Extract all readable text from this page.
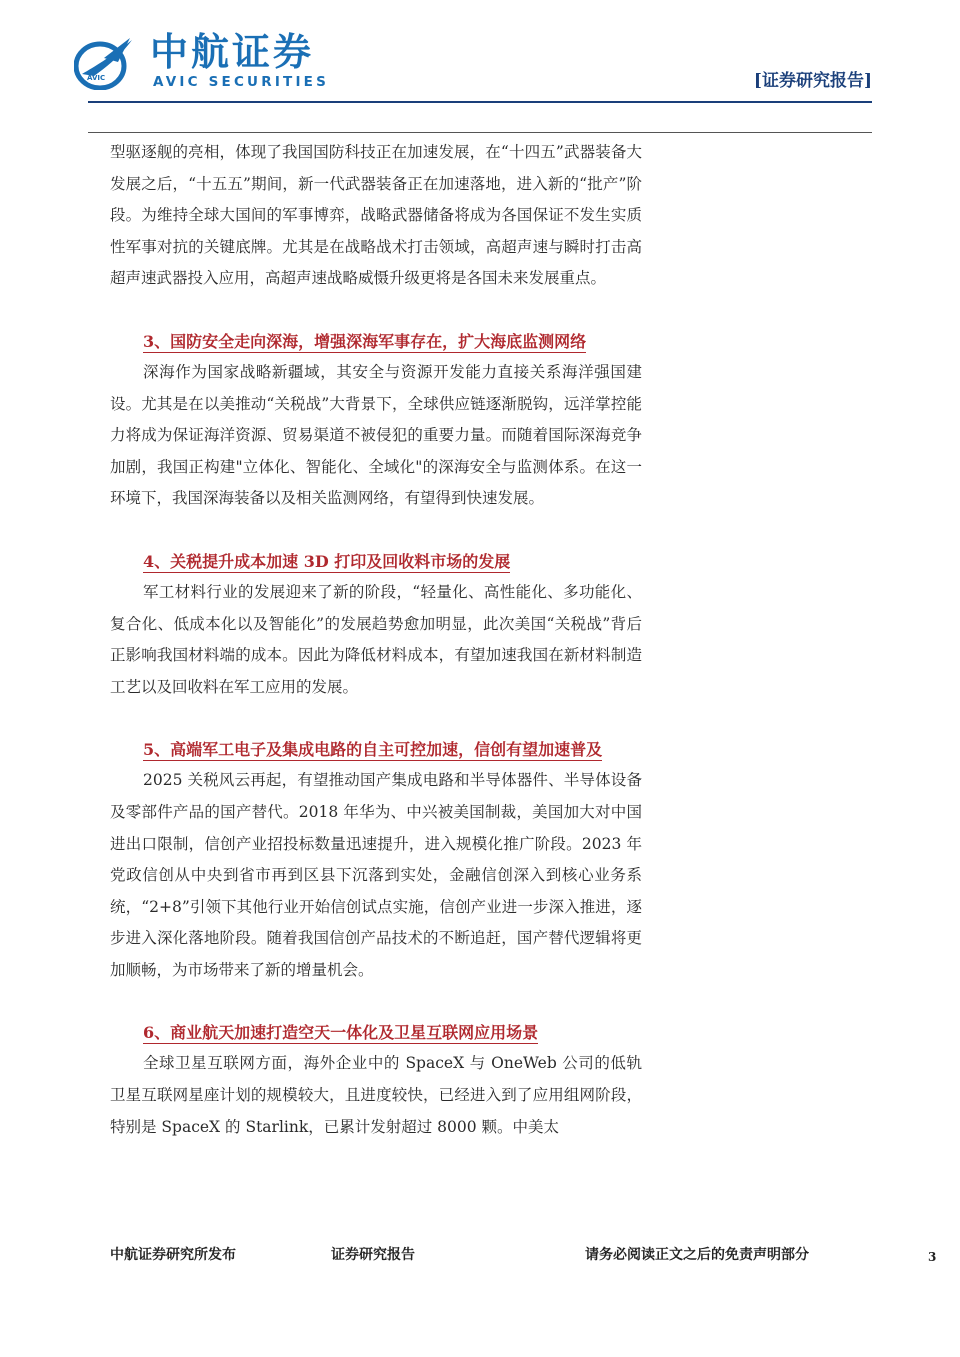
AVIC
中航证券
AVIC SECURITIES	[证券研究报告]

型驱逐舰的亮相，体现了我国国防科技正在加速发展，在“十四五”武器装备大发展之后，“十五五”期间，新一代武器装备正在加速落地，进入新的“批产”阶段。为维持全球大国间的军事博弈，战略武器储备将成为各国保证不发生实质性军事对抗的关键底牌。尤其是在战略战术打击领域，高超声速与瞬时打击高超声速武器投入应用，高超声速战略威慑升级更将是各国未来发展重点。

3、国防安全走向深海，增强深海军事存在，扩大海底监测网络

深海作为国家战略新疆域，其安全与资源开发能力直接关系海洋强国建设。尤其是在以美推动“关税战”大背景下，全球供应链逐渐脱钩，远洋掌控能力将成为保证海洋资源、贸易渠道不被侵犯的重要力量。而随着国际深海竞争加剧，我国正构建"立体化、智能化、全域化"的深海安全与监测体系。在这一环境下，我国深海装备以及相关监测网络，有望得到快速发展。

4、关税提升成本加速 3D 打印及回收料市场的发展

军工材料行业的发展迎来了新的阶段，“轻量化、高性能化、多功能化、复合化、低成本化以及智能化”的发展趋势愈加明显，此次美国“关税战”背后正影响我国材料端的成本。因此为降低材料成本，有望加速我国在新材料制造工艺以及回收料在军工应用的发展。

5、高端军工电子及集成电路的自主可控加速，信创有望加速普及

2025 关税风云再起，有望推动国产集成电路和半导体器件、半导体设备及零部件产品的国产替代。2018 年华为、中兴被美国制裁，美国加大对中国进出口限制，信创产业招投标数量迅速提升，进入规模化推广阶段。2023 年党政信创从中央到省市再到区县下沉落到实处，金融信创深入到核心业务系统，“2+8”引领下其他行业开始信创试点实施，信创产业进一步深入推进，逐步进入深化落地阶段。随着我国信创产品技术的不断追赶，国产替代逻辑将更加顺畅，为市场带来了新的增量机会。

6、商业航天加速打造空天一体化及卫星互联网应用场景

全球卫星互联网方面，海外企业中的 SpaceX 与 OneWeb 公司的低轨卫星互联网星座计划的规模较大，且进度较快，已经进入到了应用组网阶段，特别是 SpaceX 的 Starlink，已累计发射超过 8000 颗。中美太

中航证券研究所发布	证券研究报告	请务必阅读正文之后的免责声明部分	3
